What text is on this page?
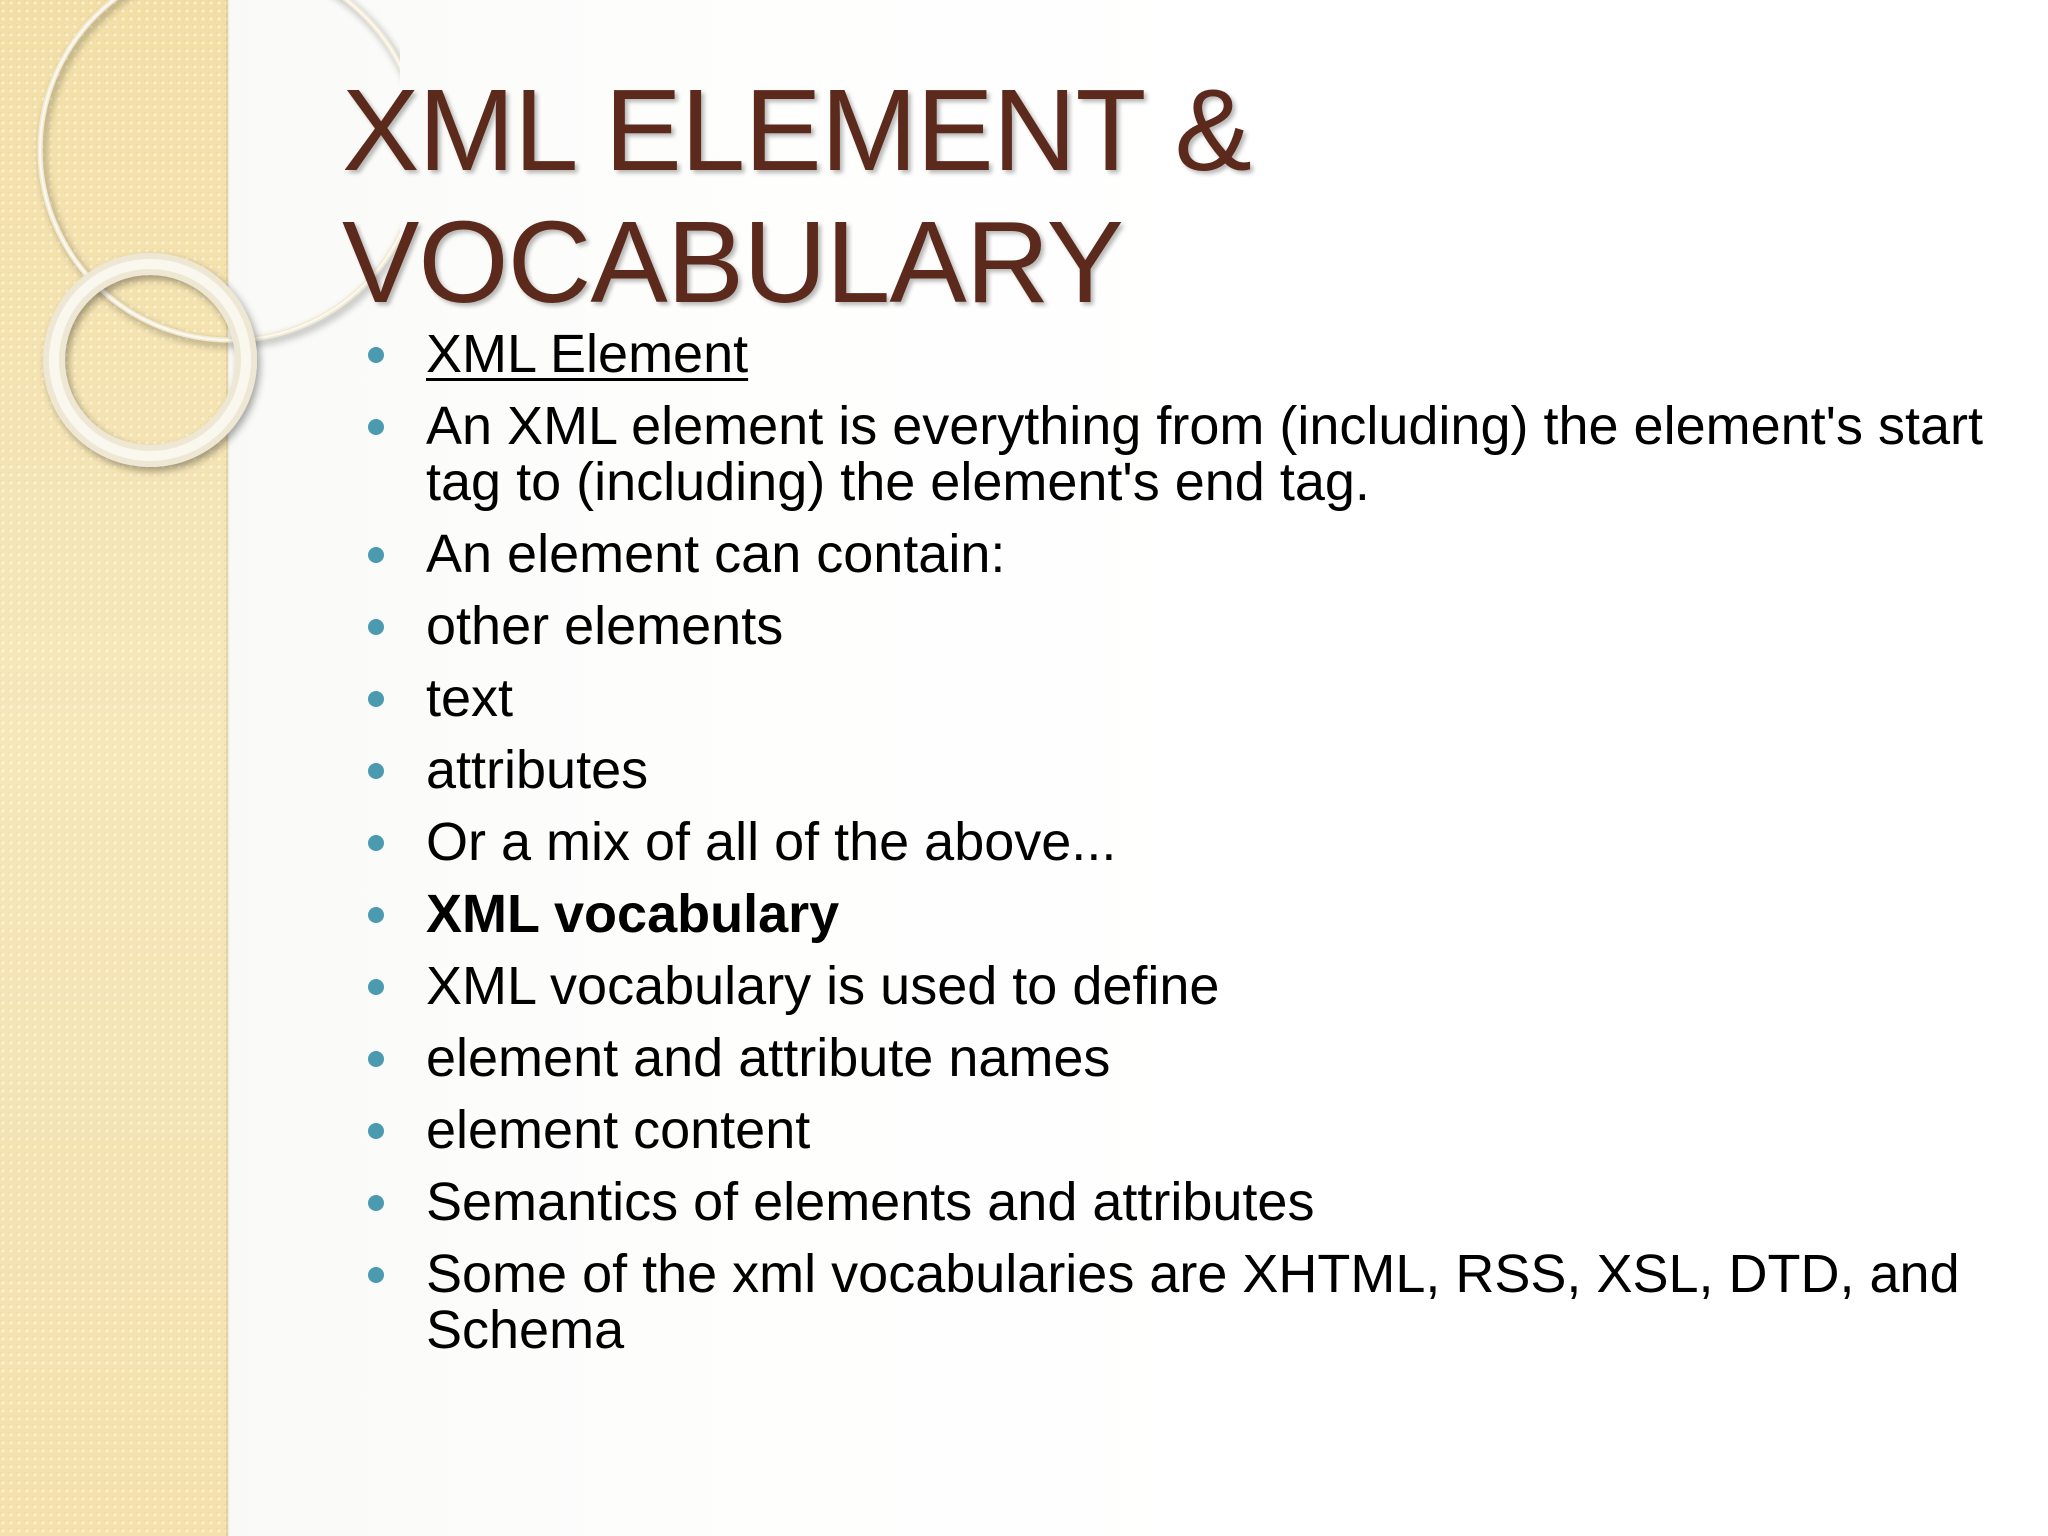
XML ELEMENT &
VOCABULARY
XML Element
An XML element is everything from (including) the element's start tag to (including) the element's end tag.
An element can contain:
other elements
text
attributes
Or a mix of all of the above...
XML vocabulary
XML vocabulary is used to define
element and attribute names
element content
Semantics of elements and attributes
Some of the xml vocabularies are XHTML, RSS, XSL, DTD, and Schema
